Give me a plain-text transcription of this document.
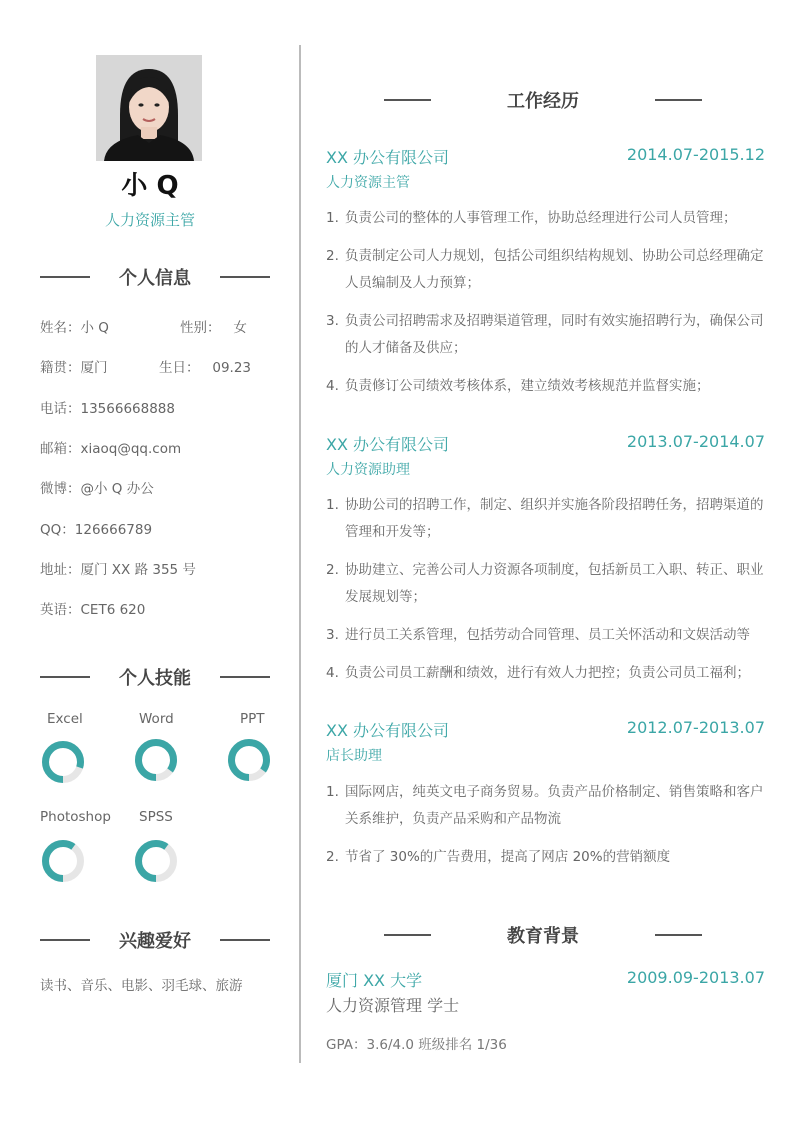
小 Q
人力资源主管
个人信息
姓名：小 Q	性别： 女
籍贯：厦门	生日： 09.23
电话：13566668888
邮箱：xiaoq@qq.com
微博：@小 Q 办公
QQ：126666789
地址：厦门 XX 路 355 号
英语：CET6 620
个人技能
Excel	Word	PPT
Photoshop SPSS
兴趣爱好
读书、音乐、电影、羽毛球、旅游
工作经历
XX 办公有限公司	2014.07-2015.12
人力资源主管
1. 负责公司的整体的人事管理工作，协助总经理进行公司人员管理；
2. 负责制定公司人力规划，包括公司组织结构规划、协助公司总经理确定人员编制及人力预算；
3. 负责公司招聘需求及招聘渠道管理，同时有效实施招聘行为，确保公司的人才储备及供应；
4. 负责修订公司绩效考核体系，建立绩效考核规范并监督实施；
XX 办公有限公司	2013.07-2014.07
人力资源助理
1. 协助公司的招聘工作，制定、组织并实施各阶段招聘任务，招聘渠道的管理和开发等；
2. 协助建立、完善公司人力资源各项制度，包括新员工入职、转正、职业发展规划等；
3. 进行员工关系管理，包括劳动合同管理、员工关怀活动和文娱活动等
4. 负责公司员工薪酬和绩效，进行有效人力把控；负责公司员工福利；
XX 办公有限公司	2012.07-2013.07
店长助理
1. 国际网店，纯英文电子商务贸易。负责产品价格制定、销售策略和客户关系维护，负责产品采购和产品物流
2. 节省了 30%的广告费用，提高了网店 20%的营销额度
教育背景
厦门 XX 大学	2009.09-2013.07
人力资源管理 学士
GPA：3.6/4.0 班级排名 1/36
